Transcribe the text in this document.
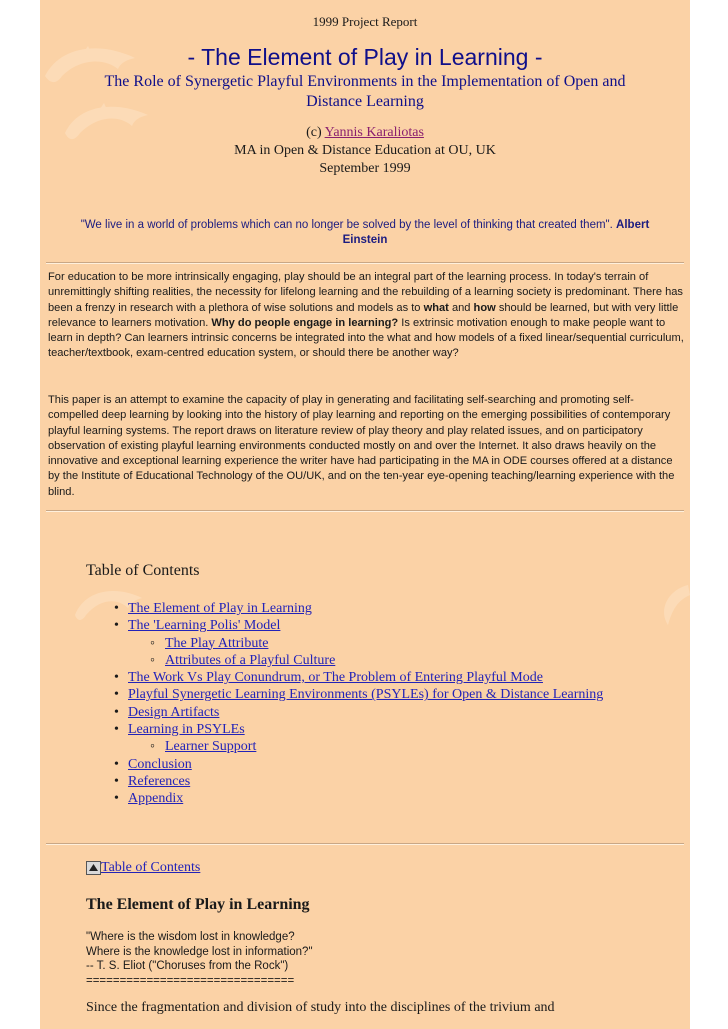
1999 Project Report
- The Element of Play in Learning -
The Role of Synergetic Playful Environments in the Implementation of Open and Distance Learning
(c) Yannis Karaliotas
MA in Open & Distance Education at OU, UK
September 1999
"We live in a world of problems which can no longer be solved by the level of thinking that created them". Albert Einstein

For education to be more intrinsically engaging, play should be an integral part of the learning process. In today's terrain of unremittingly shifting realities, the necessity for lifelong learning and the rebuilding of a learning society is predominant. There has been a frenzy in research with a plethora of wise solutions and models as to what and how should be learned, but with very little relevance to learners motivation. Why do people engage in learning? Is extrinsic motivation enough to make people want to learn in depth? Can learners intrinsic concerns be integrated into the what and how models of a fixed linear/sequential curriculum, teacher/textbook, exam-centred education system, or should there be another way?

This paper is an attempt to examine the capacity of play in generating and facilitating self-searching and promoting self-compelled deep learning by looking into the history of play learning and reporting on the emerging possibilities of contemporary playful learning systems. The report draws on literature review of play theory and play related issues, and on participatory observation of existing playful learning environments conducted mostly on and over the Internet. It also draws heavily on the innovative and exceptional learning experience the writer have had participating in the MA in ODE courses offered at a distance by the Institute of Educational Technology of the OU/UK, and on the ten-year eye-opening teaching/learning experience with the blind.

Table of Contents
• The Element of Play in Learning
• The 'Learning Polis' Model
◦ The Play Attribute
◦ Attributes of a Playful Culture
• The Work Vs Play Conundrum, or The Problem of Entering Playful Mode
• Playful Synergetic Learning Environments (PSYLEs) for Open & Distance Learning
• Design Artifacts
• Learning in PSYLEs
◦ Learner Support
• Conclusion
• References
• Appendix
Table of Contents
The Element of Play in Learning
"Where is the wisdom lost in knowledge?
Where is the knowledge lost in information?"
-- T. S. Eliot ("Choruses from the Rock")
===============================
Since the fragmentation and division of study into the disciplines of the trivium and
